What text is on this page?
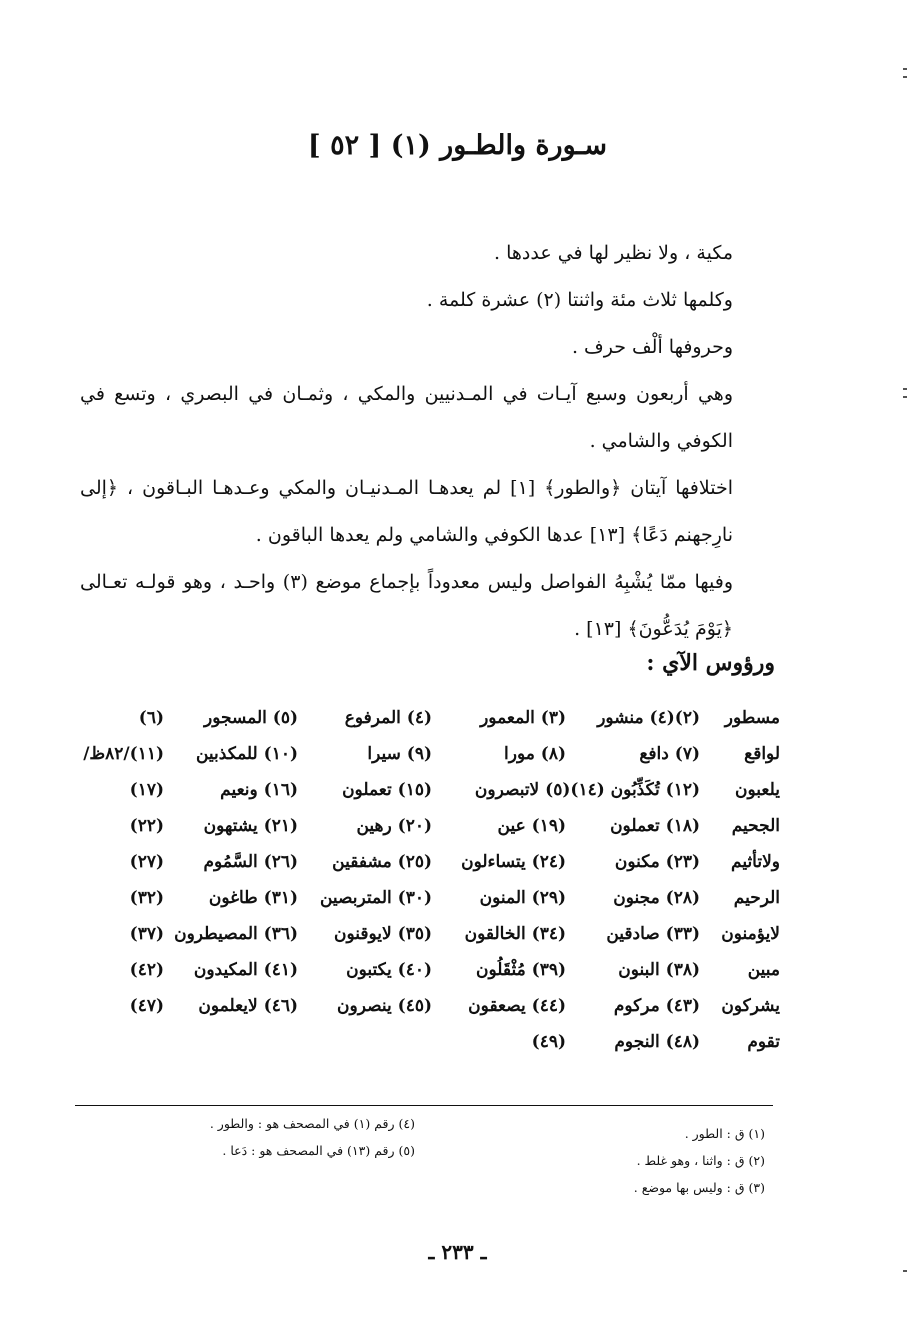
سـورة والطـور (١) [ ٥٢ ]

مكية ، ولا نظير لها في عددها .

وكلمها ثلاث مئة واثنتا (٢) عشرة كلمة .

وحروفها ألْف حرف .

وهي أربعون وسبع آيـات في المـدنيين والمكي ، وثمـان في البصري ، وتسع في الكوفي والشامي .

اختلافها آيتان ﴿والطور﴾ [١] لم يعدهـا المـدنيـان والمكي وعـدهـا البـاقون ، ﴿إلى نارِجهنم دَعًا﴾ [١٣] عدها الكوفي والشامي ولم يعدها الباقون .

وفيها ممّا يُشْبِهُ الفواصل وليس معدوداً بإجماع موضع (٣) واحـد ، وهو قولـه تعـالى ﴿يَوْمَ يُدَعُّونَ﴾ [١٣] .

ورؤوس الآي :
مسطور
(٢)(٤) منشور
(٣) المعمور
(٤) المرفوع
(٥) المسجور
(٦)
لواقع
(٧) دافع
(٨) مورا
(٩) سيرا
(١٠) للمكذبين
(١١)/٨٢ظ/
يلعبون
(١٢) تُكَذِّبُون (١٤)(٥) لاتبصرون
(١٥) تعملون
(١٦) ونعيم
(١٧)
الجحيم
(١٨) تعملون
(١٩) عين
(٢٠) رهين
(٢١) يشتهون
(٢٢)
ولاتأثيم
(٢٣) مكنون
(٢٤) يتساءلون
(٢٥) مشفقين
(٢٦) السَّمُوم
(٢٧)
الرحيم
(٢٨) مجنون
(٢٩) المنون
(٣٠) المتربصين
(٣١) طاغون
(٣٢)
لايؤمنون
(٣٣) صادقين
(٣٤) الخالقون
(٣٥) لايوقنون
(٣٦) المصيطرون
(٣٧)
مبين
(٣٨) البنون
(٣٩) مُثْقَلُون
(٤٠) يكتبون
(٤١) المكيدون
(٤٢)
يشركون
(٤٣) مركوم
(٤٤) يصعقون
(٤٥) ينصرون
(٤٦) لايعلمون
(٤٧)
تقوم
(٤٨) النجوم
(٤٩)

(١) ق : الطور .

(٢) ق : واثنا ، وهو غلط .

(٣) ق : وليس بها موضع .

(٤) رقم (١) في المصحف هو : والطور .

(٥) رقم (١٣) في المصحف هو : دَعا .

ـ ٢٣٣ ـ
